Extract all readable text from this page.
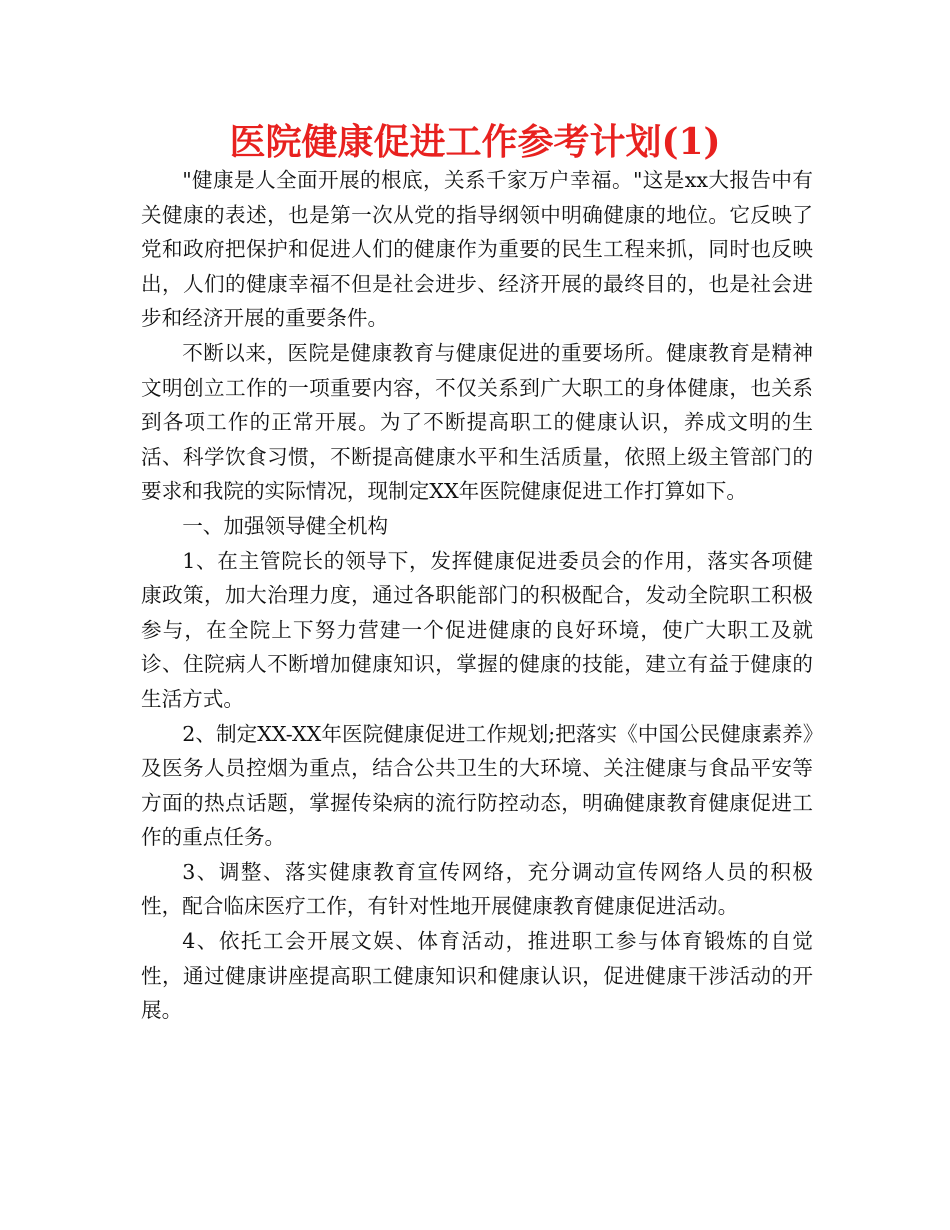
医院健康促进工作参考计划(1)

"健康是人全面开展的根底，关系千家万户幸福。"这是xx大报告中有关健康的表述，也是第一次从党的指导纲领中明确健康的地位。它反映了党和政府把保护和促进人们的健康作为重要的民生工程来抓，同时也反映出，人们的健康幸福不但是社会进步、经济开展的最终目的，也是社会进步和经济开展的重要条件。

不断以来，医院是健康教育与健康促进的重要场所。健康教育是精神文明创立工作的一项重要内容，不仅关系到广大职工的身体健康，也关系到各项工作的正常开展。为了不断提高职工的健康认识，养成文明的生活、科学饮食习惯，不断提高健康水平和生活质量，依照上级主管部门的要求和我院的实际情况，现制定XX年医院健康促进工作打算如下。

一、加强领导健全机构

1、在主管院长的领导下，发挥健康促进委员会的作用，落实各项健康政策，加大治理力度，通过各职能部门的积极配合，发动全院职工积极参与，在全院上下努力营建一个促进健康的良好环境，使广大职工及就诊、住院病人不断增加健康知识，掌握的健康的技能，建立有益于健康的生活方式。

2、制定XX-XX年医院健康促进工作规划;把落实《中国公民健康素养》及医务人员控烟为重点，结合公共卫生的大环境、关注健康与食品平安等方面的热点话题，掌握传染病的流行防控动态，明确健康教育健康促进工作的重点任务。

3、调整、落实健康教育宣传网络，充分调动宣传网络人员的积极性，配合临床医疗工作，有针对性地开展健康教育健康促进活动。

4、依托工会开展文娱、体育活动，推进职工参与体育锻炼的自觉性，通过健康讲座提高职工健康知识和健康认识，促进健康干涉活动的开展。
